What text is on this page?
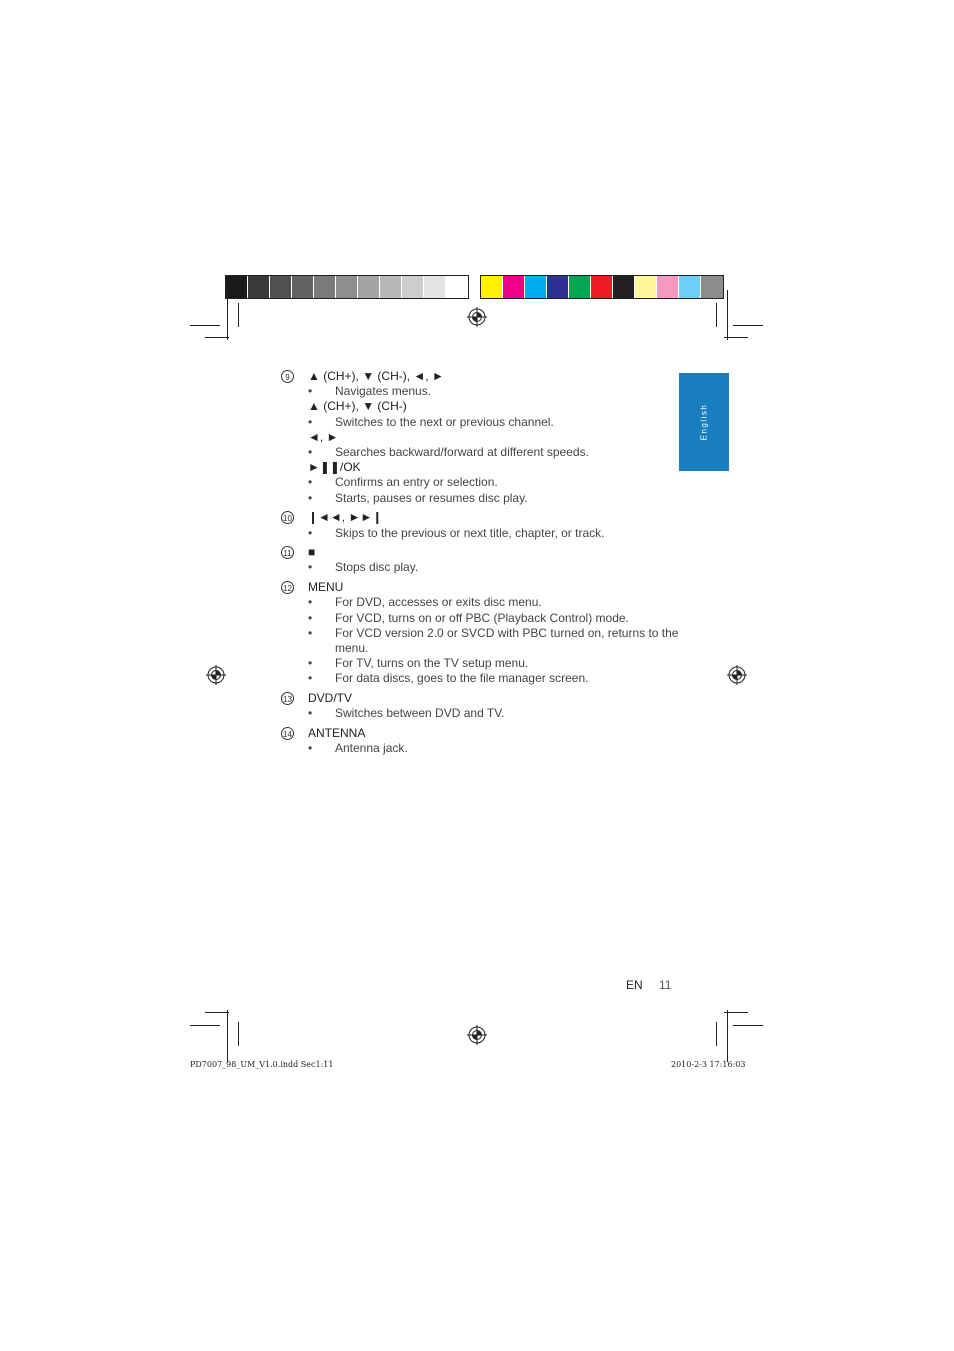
English
9	▲ (CH+), ▼ (CH-), ◄, ►
• Navigates menus.
▲ (CH+), ▼ (CH-)
• Switches to the next or previous channel.
◄, ►
• Searches backward/forward at different speeds.
►❚❚/OK
• Confirms an entry or selection.
• Starts, pauses or resumes disc play.
10 ❙◄◄, ►►❙
• Skips to the previous or next title, chapter, or track.
11 ■
• Stops disc play.
12 MENU
• For DVD, accesses or exits disc menu.
• For VCD, turns on or off PBC (Playback Control) mode.
• For VCD version 2.0 or SVCD with PBC turned on, returns to the menu.
• For TV, turns on the TV setup menu.
• For data discs, goes to the file manager screen.
13 DVD/TV
• Switches between DVD and TV.
14 ANTENNA
• Antenna jack.
EN 11
PD7007_98_UM_V1.0.indd Sec1:11	2010-2-3 17:16:03
